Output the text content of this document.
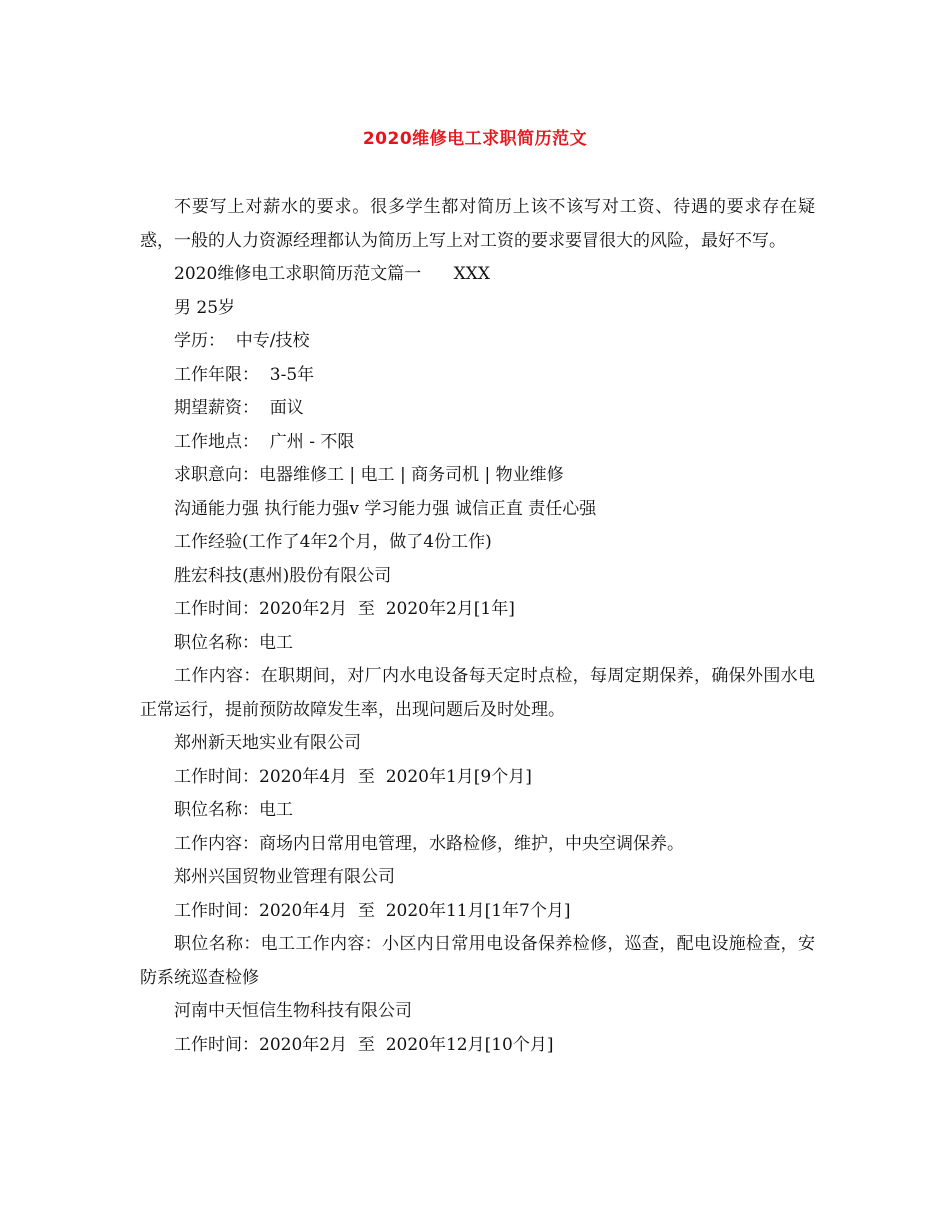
2020维修电工求职简历范文

不要写上对薪水的要求。很多学生都对简历上该不该写对工资、待遇的要求存在疑惑，一般的人力资源经理都认为简历上写上对工资的要求要冒很大的风险，最好不写。

2020维修电工求职简历范文篇一      XXX

男 25岁

学历：  中专/技校

工作年限：  3-5年

期望薪资：  面议

工作地点：  广州 - 不限

求职意向：电器维修工 | 电工 | 商务司机 | 物业维修

沟通能力强 执行能力强v 学习能力强 诚信正直 责任心强

工作经验(工作了4年2个月，做了4份工作)

胜宏科技(惠州)股份有限公司

工作时间：2020年2月  至  2020年2月[1年]

职位名称：电工

工作内容：在职期间，对厂内水电设备每天定时点检，每周定期保养，确保外围水电正常运行，提前预防故障发生率，出现问题后及时处理。

郑州新天地实业有限公司

工作时间：2020年4月  至  2020年1月[9个月]

职位名称：电工

工作内容：商场内日常用电管理，水路检修，维护，中央空调保养。

郑州兴国贸物业管理有限公司

工作时间：2020年4月  至  2020年11月[1年7个月]

职位名称：电工工作内容：小区内日常用电设备保养检修，巡查，配电设施检查，安防系统巡查检修

河南中天恒信生物科技有限公司

工作时间：2020年2月  至  2020年12月[10个月]
